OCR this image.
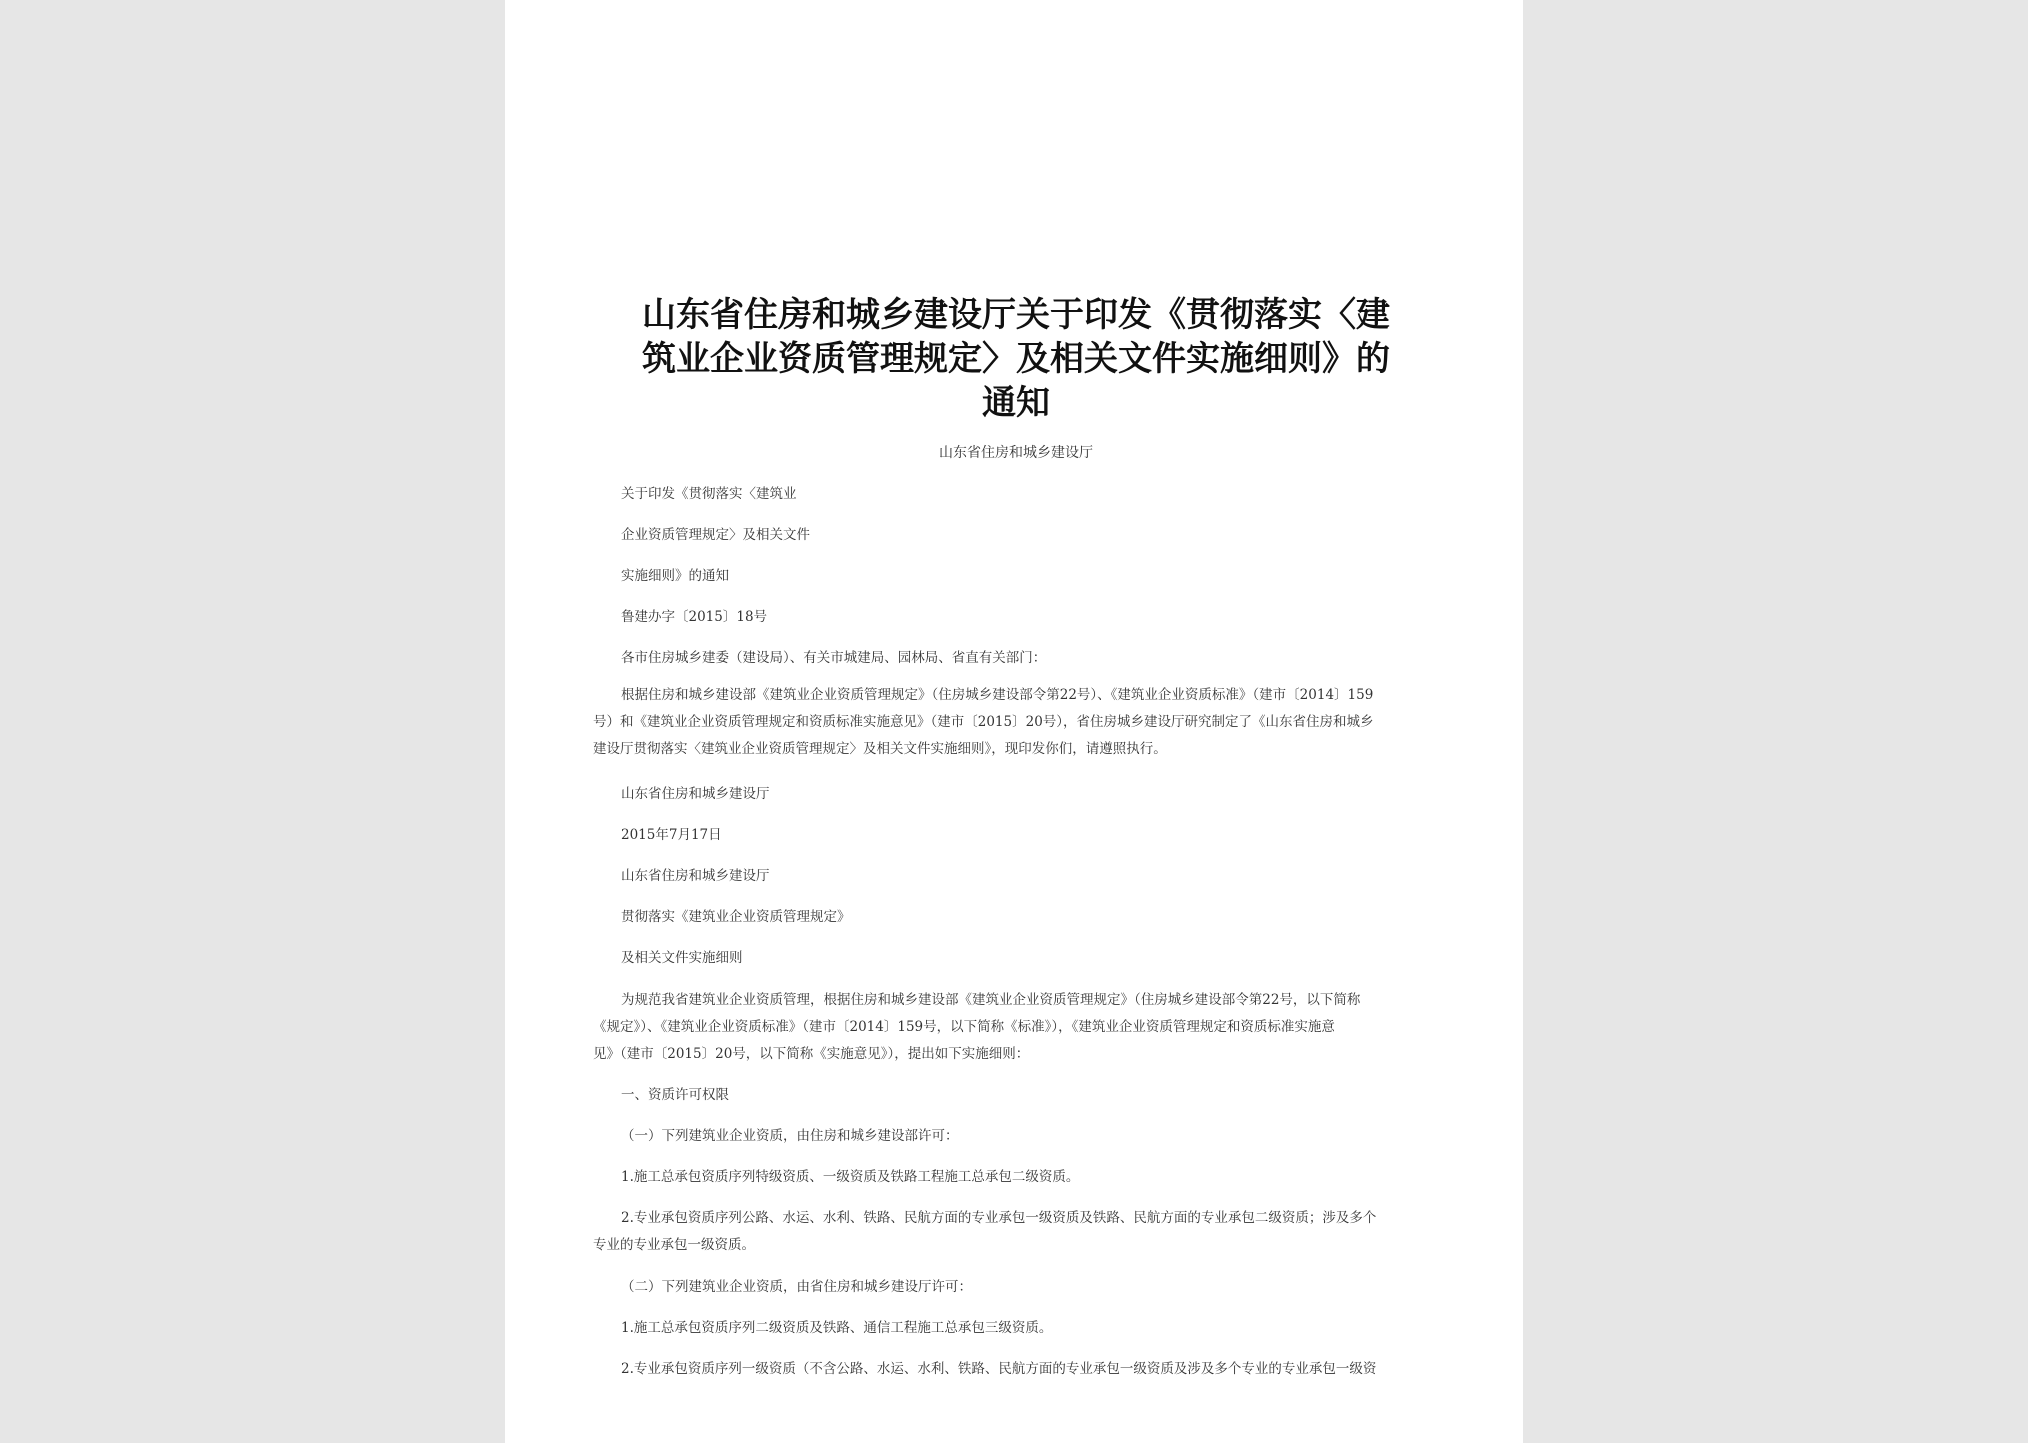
山东省住房和城乡建设厅关于印发《贯彻落实〈建
筑业企业资质管理规定〉及相关文件实施细则》的
通知
山东省住房和城乡建设厅
关于印发《贯彻落实〈建筑业
企业资质管理规定〉及相关文件
实施细则》的通知
鲁建办字〔2015〕18号
各市住房城乡建委（建设局）、有关市城建局、园林局、省直有关部门：
根据住房和城乡建设部《建筑业企业资质管理规定》（住房城乡建设部令第22号）、《建筑业企业资质标准》（建市〔2014〕159
号）和《建筑业企业资质管理规定和资质标准实施意见》（建市〔2015〕20号），省住房城乡建设厅研究制定了《山东省住房和城乡
建设厅贯彻落实〈建筑业企业资质管理规定〉及相关文件实施细则》，现印发你们，请遵照执行。
山东省住房和城乡建设厅
2015年7月17日
山东省住房和城乡建设厅
贯彻落实《建筑业企业资质管理规定》
及相关文件实施细则
为规范我省建筑业企业资质管理，根据住房和城乡建设部《建筑业企业资质管理规定》（住房城乡建设部令第22号，以下简称
《规定》）、《建筑业企业资质标准》（建市〔2014〕159号，以下简称《标准》），《建筑业企业资质管理规定和资质标准实施意
见》（建市〔2015〕20号，以下简称《实施意见》），提出如下实施细则：
一、资质许可权限
（一）下列建筑业企业资质，由住房和城乡建设部许可：
1.施工总承包资质序列特级资质、一级资质及铁路工程施工总承包二级资质。
2.专业承包资质序列公路、水运、水利、铁路、民航方面的专业承包一级资质及铁路、民航方面的专业承包二级资质；涉及多个
专业的专业承包一级资质。
（二）下列建筑业企业资质，由省住房和城乡建设厅许可：
1.施工总承包资质序列二级资质及铁路、通信工程施工总承包三级资质。
2.专业承包资质序列一级资质（不含公路、水运、水利、铁路、民航方面的专业承包一级资质及涉及多个专业的专业承包一级资
